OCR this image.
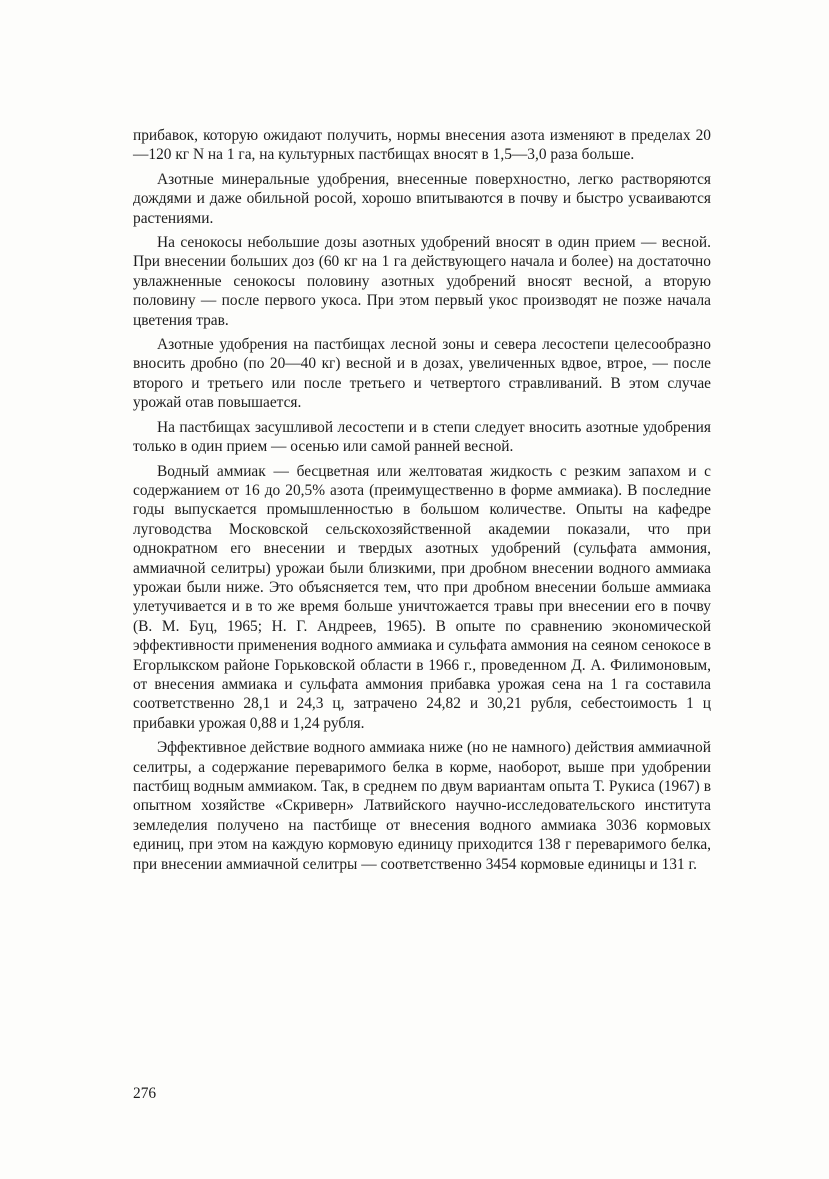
прибавок, которую ожидают получить, нормы внесения азота изменяют в пределах 20—120 кг N на 1 га, на культурных пастбищах вносят в 1,5—3,0 раза больше.

Азотные минеральные удобрения, внесенные поверхностно, легко растворяются дождями и даже обильной росой, хорошо впитываются в почву и быстро усваиваются растениями.

На сенокосы небольшие дозы азотных удобрений вносят в один прием — весной. При внесении больших доз (60 кг на 1 га действующего начала и более) на достаточно увлажненные сенокосы половину азотных удобрений вносят весной, а вторую половину — после первого укоса. При этом первый укос производят не позже начала цветения трав.

Азотные удобрения на пастбищах лесной зоны и севера лесостепи целесообразно вносить дробно (по 20—40 кг) весной и в дозах, увеличенных вдвое, втрое, — после второго и третьего или после третьего и четвертого стравливаний. В этом случае урожай отав повышается.

На пастбищах засушливой лесостепи и в степи следует вносить азотные удобрения только в один прием — осенью или самой ранней весной.

Водный аммиак — бесцветная или желтоватая жидкость с резким запахом и с содержанием от 16 до 20,5% азота (преимущественно в форме аммиака). В последние годы выпускается промышленностью в большом количестве. Опыты на кафедре луговодства Московской сельскохозяйственной академии показали, что при однократном его внесении и твердых азотных удобрений (сульфата аммония, аммиачной селитры) урожаи были близкими, при дробном внесении водного аммиака урожаи были ниже. Это объясняется тем, что при дробном внесении больше аммиака улетучивается и в то же время больше уничтожается травы при внесении его в почву (В. М. Буц, 1965; Н. Г. Андреев, 1965). В опыте по сравнению экономической эффективности применения водного аммиака и сульфата аммония на сеяном сенокосе в Егорлыкском районе Горьковской области в 1966 г., проведенном Д. А. Филимоновым, от внесения аммиака и сульфата аммония прибавка урожая сена на 1 га составила соответственно 28,1 и 24,3 ц, затрачено 24,82 и 30,21 рубля, себестоимость 1 ц прибавки урожая 0,88 и 1,24 рубля.

Эффективное действие водного аммиака ниже (но не намного) действия аммиачной селитры, а содержание переваримого белка в корме, наоборот, выше при удобрении пастбищ водным аммиаком. Так, в среднем по двум вариантам опыта Т. Рукиса (1967) в опытном хозяйстве «Скриверн» Латвийского научно-исследовательского института земледелия получено на пастбище от внесения водного аммиака 3036 кормовых единиц, при этом на каждую кормовую единицу приходится 138 г переваримого белка, при внесении аммиачной селитры — соответственно 3454 кормовые единицы и 131 г.

276
